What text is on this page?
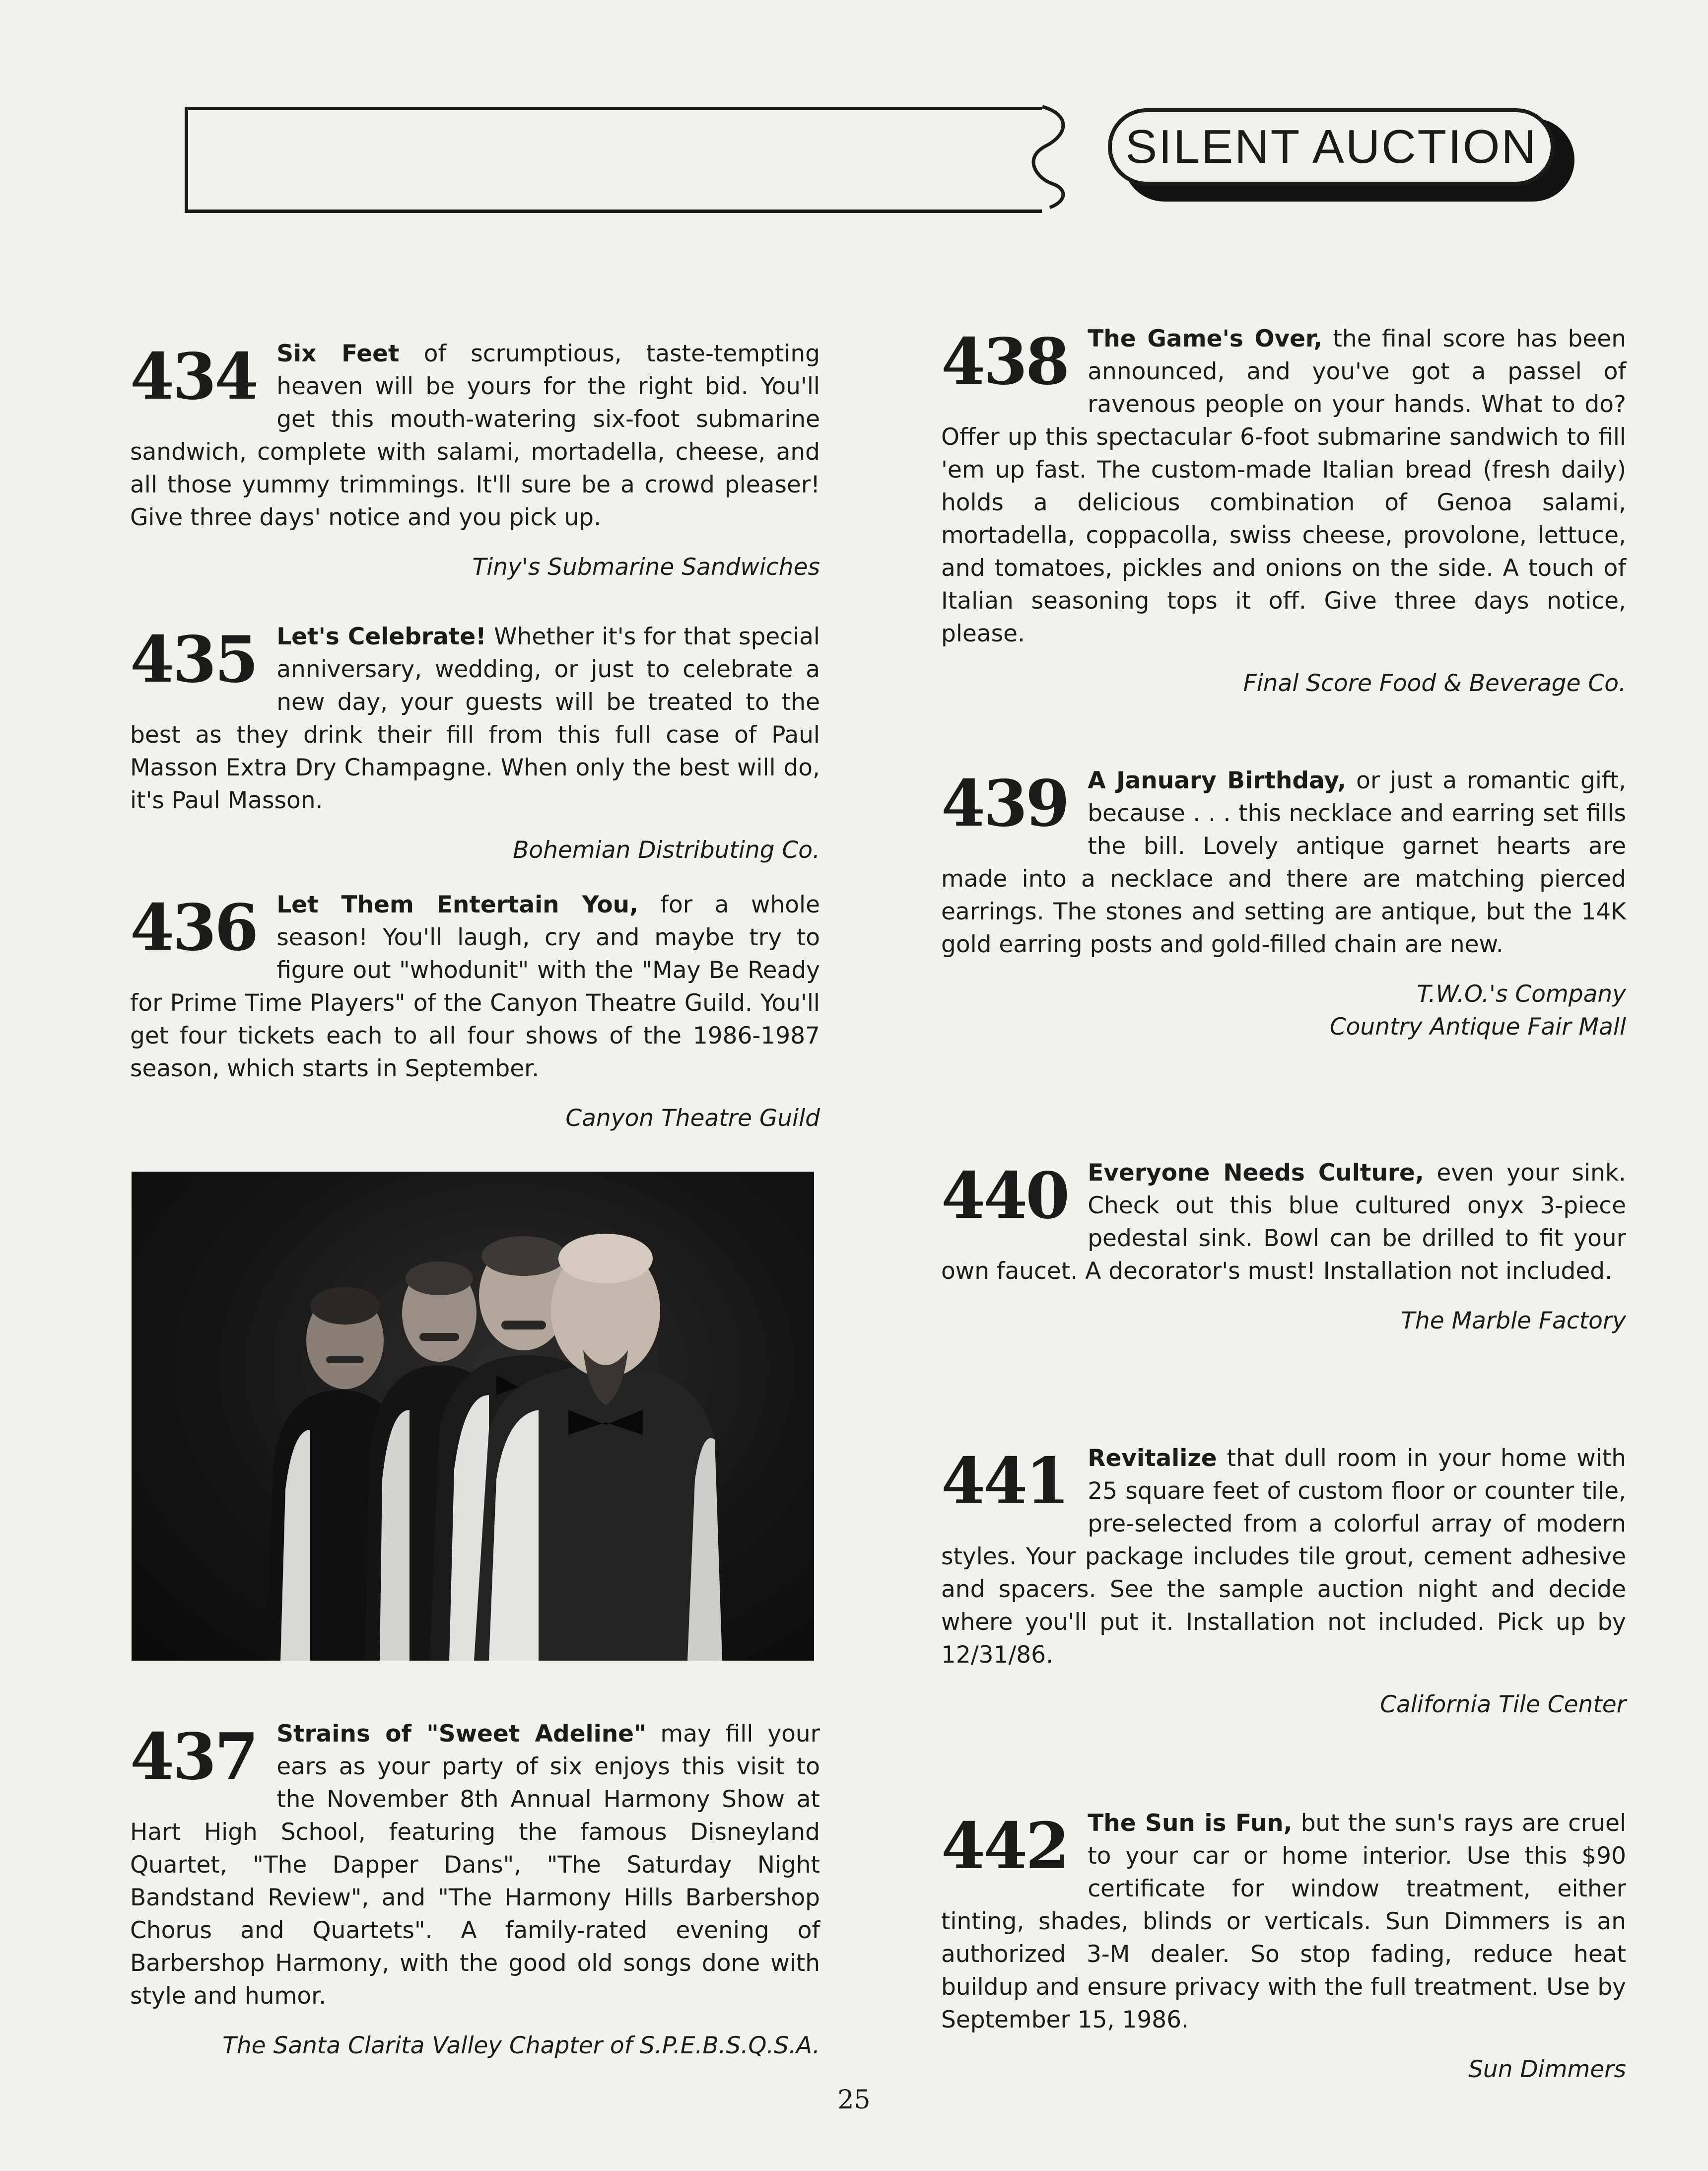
SILENT AUCTION
434 Six Feet of scrumptious, taste-tempting heaven will be yours for the right bid. You'll get this mouth-watering six-foot submarine sandwich, complete with salami, mortadella, cheese, and all those yummy trimmings. It'll sure be a crowd pleaser! Give three days' notice and you pick up.

Tiny's Submarine Sandwiches
435 Let's Celebrate! Whether it's for that special anniversary, wedding, or just to celebrate a new day, your guests will be treated to the best as they drink their fill from this full case of Paul Masson Extra Dry Champagne. When only the best will do, it's Paul Masson.

Bohemian Distributing Co.
436 Let Them Entertain You, for a whole season! You'll laugh, cry and maybe try to figure out "whodunit" with the "May Be Ready for Prime Time Players" of the Canyon Theatre Guild. You'll get four tickets each to all four shows of the 1986-1987 season, which starts in September.

Canyon Theatre Guild
437 Strains of "Sweet Adeline" may fill your ears as your party of six enjoys this visit to the November 8th Annual Harmony Show at Hart High School, featuring the famous Disneyland Quartet, "The Dapper Dans", "The Saturday Night Bandstand Review", and "The Harmony Hills Barbershop Chorus and Quartets". A family-rated evening of Barbershop Harmony, with the good old songs done with style and humor.

The Santa Clarita Valley Chapter of S.P.E.B.S.Q.S.A.
438 The Game's Over, the final score has been announced, and you've got a passel of ravenous people on your hands. What to do? Offer up this spectacular 6-foot submarine sandwich to fill 'em up fast. The custom-made Italian bread (fresh daily) holds a delicious combination of Genoa salami, mortadella, coppacolla, swiss cheese, provolone, lettuce, and tomatoes, pickles and onions on the side. A touch of Italian seasoning tops it off. Give three days notice, please.

Final Score Food & Beverage Co.
439 A January Birthday, or just a romantic gift, because . . . this necklace and earring set fills the bill. Lovely antique garnet hearts are made into a necklace and there are matching pierced earrings. The stones and setting are antique, but the 14K gold earring posts and gold-filled chain are new.

T.W.O.'s Company
Country Antique Fair Mall
440 Everyone Needs Culture, even your sink. Check out this blue cultured onyx 3-piece pedestal sink. Bowl can be drilled to fit your own faucet. A decorator's must! Installation not included.

The Marble Factory
441 Revitalize that dull room in your home with 25 square feet of custom floor or counter tile, pre-selected from a colorful array of modern styles. Your package includes tile grout, cement adhesive and spacers. See the sample auction night and decide where you'll put it. Installation not included. Pick up by 12/31/86.

California Tile Center
442 The Sun is Fun, but the sun's rays are cruel to your car or home interior. Use this $90 certificate for window treatment, either tinting, shades, blinds or verticals. Sun Dimmers is an authorized 3-M dealer. So stop fading, reduce heat buildup and ensure privacy with the full treatment. Use by September 15, 1986.

Sun Dimmers
25
